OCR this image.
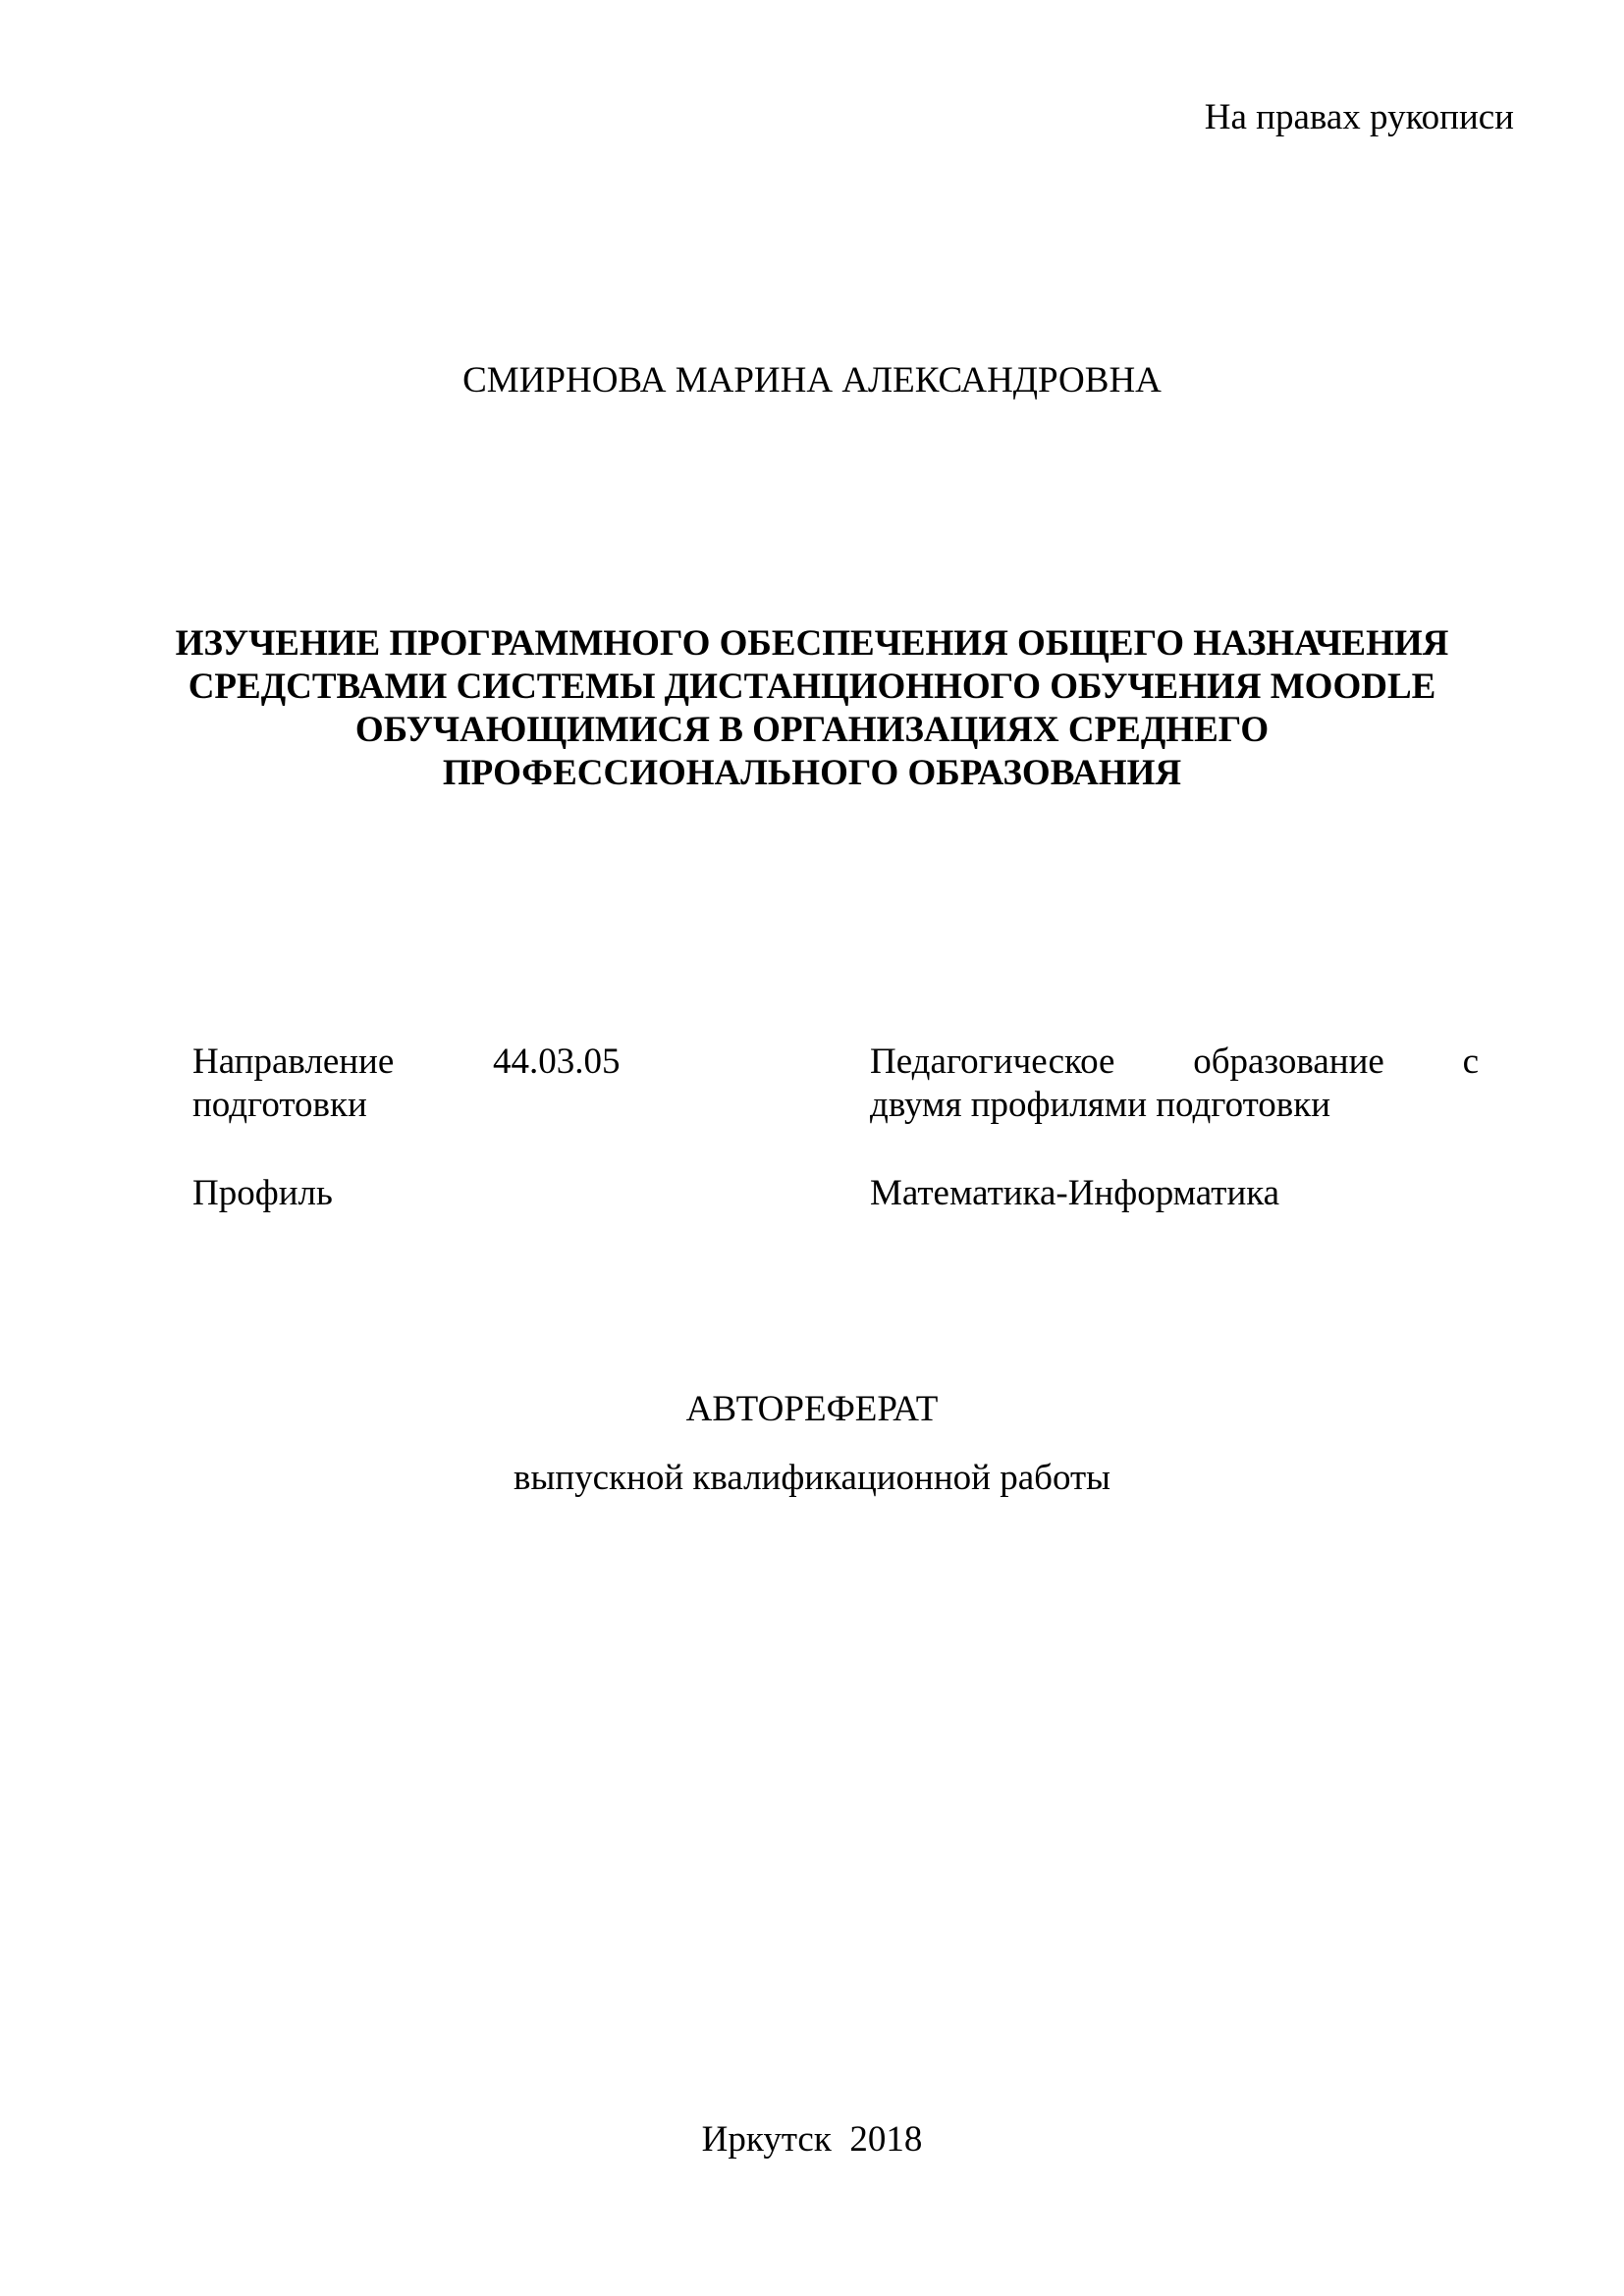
На правах рукописи
СМИРНОВА МАРИНА АЛЕКСАНДРОВНА
ИЗУЧЕНИЕ ПРОГРАММНОГО ОБЕСПЕЧЕНИЯ ОБЩЕГО НАЗНАЧЕНИЯ
СРЕДСТВАМИ СИСТЕМЫ ДИСТАНЦИОННОГО ОБУЧЕНИЯ MOODLE
ОБУЧАЮЩИМИСЯ В ОРГАНИЗАЦИЯХ СРЕДНЕГО
ПРОФЕССИОНАЛЬНОГО ОБРАЗОВАНИЯ
Направление
подготовки
44.03.05	Педагогическое образование с
двумя профилями подготовки
Профиль	Математика-Информатика
АВТОРЕФЕРАТ
выпускной квалификационной работы
Иркутск 2018
